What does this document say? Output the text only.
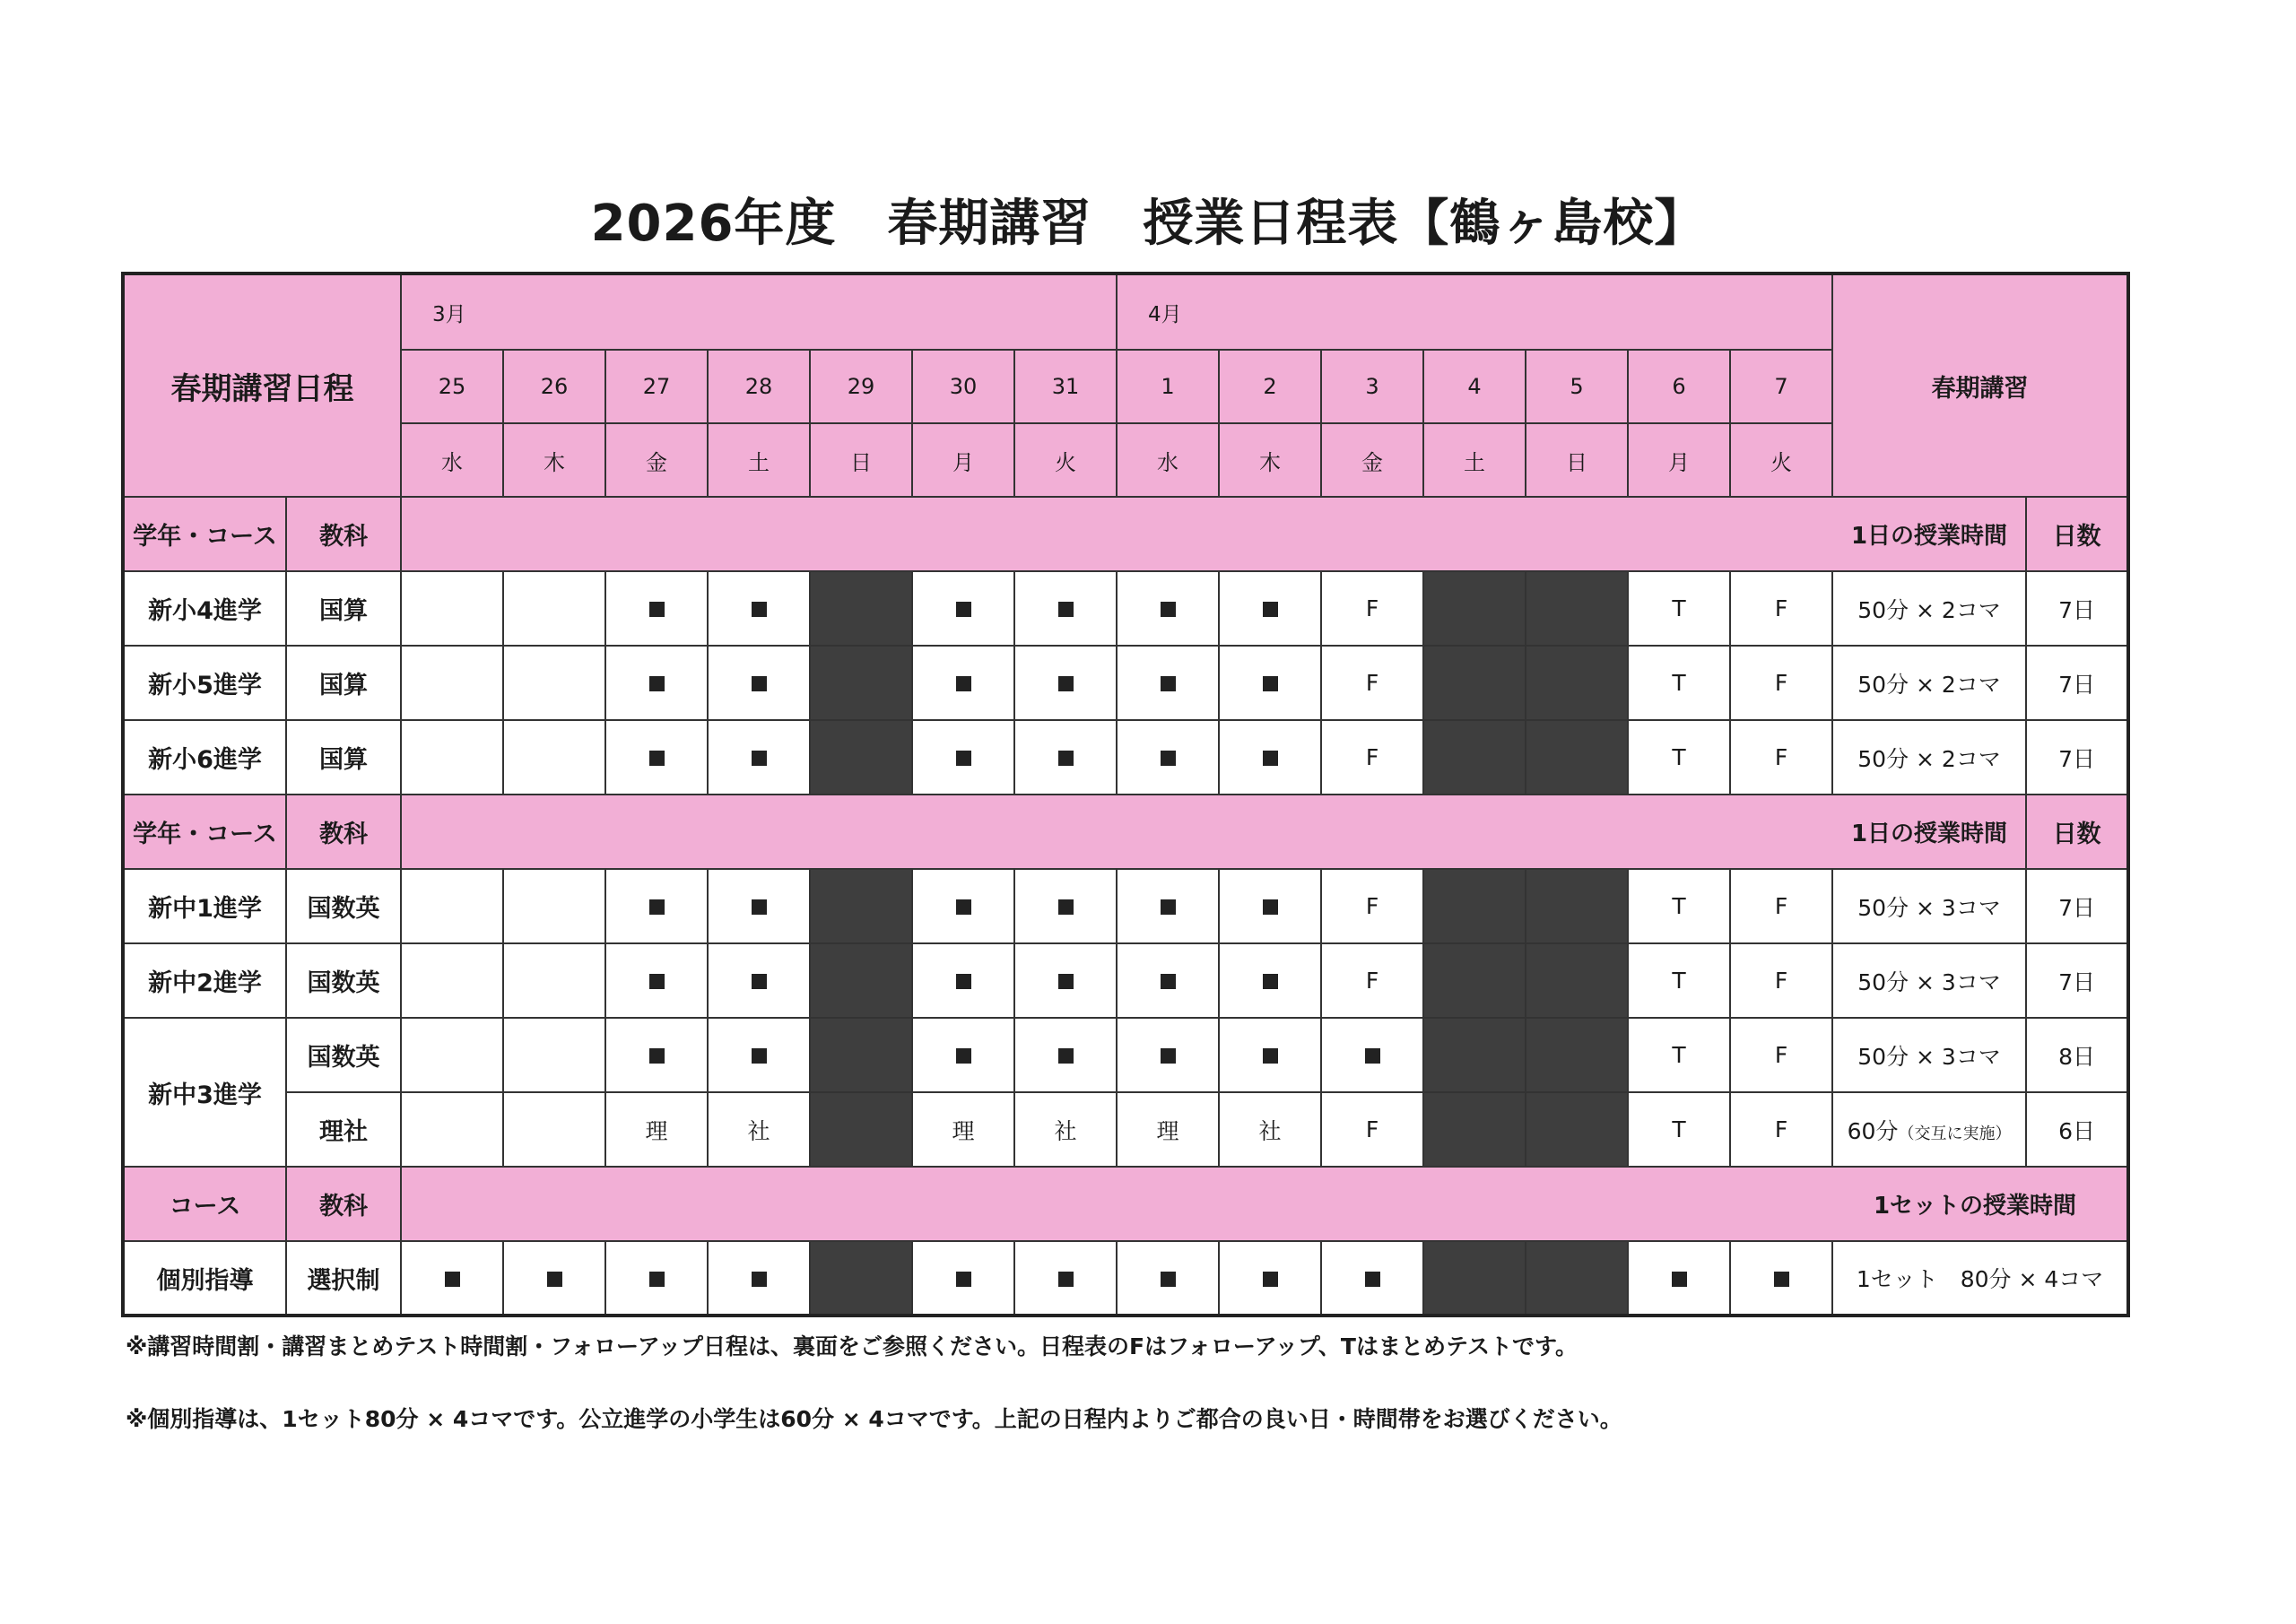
2026年度　春期講習　授業日程表【鶴ヶ島校】
春期講習日程		3月							4月							春期講習	
		25	26	27	28	29	30	31	1	2	3	4	5	6	7		
		水	木	金	土	日	月	火	水	木	金	土	日	月	火		
学年・コース	教科	1日の授業時間															日数
新小4進学	国算										F			T	F	50分 × 2コマ	7日
新小5進学	国算										F			T	F	50分 × 2コマ	7日
新小6進学	国算										F			T	F	50分 × 2コマ	7日
学年・コース	教科	1日の授業時間															日数
新中1進学	国数英										F			T	F	50分 × 3コマ	7日
新中2進学	国数英										F			T	F	50分 × 3コマ	7日
新中3進学	国数英													T	F	50分 × 3コマ	8日
	理社			理	社		理	社	理	社	F			T	F	60分（交互に実施）	6日
コース	教科	1セットの授業時間															
個別指導	選択制															1セット　80分 × 4コマ	
※講習時間割・講習まとめテスト時間割・フォローアップ日程は、裏面をご参照ください。日程表のFはフォローアップ、Tはまとめテストです。
※個別指導は、1セット80分 × 4コマです。公立進学の小学生は60分 × 4コマです。上記の日程内よりご都合の良い日・時間帯をお選びください。
